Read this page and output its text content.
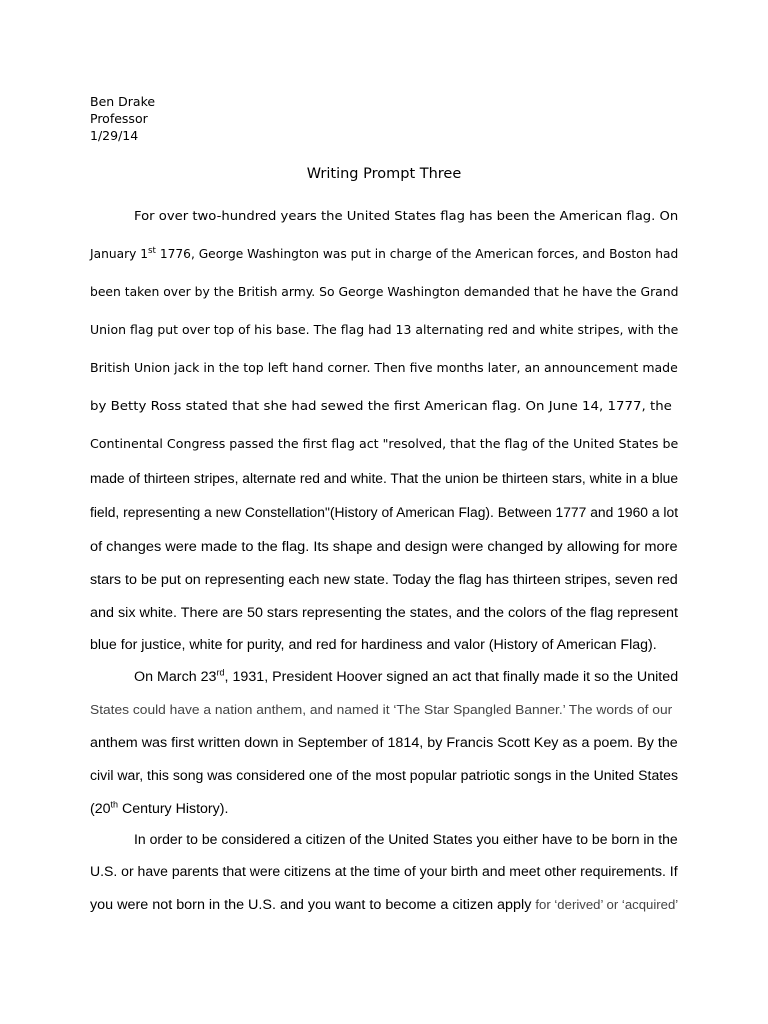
Ben Drake
Professor
1/29/14
Writing Prompt Three
For over two-hundred years the United States flag has been the American flag. On
January 1st 1776, George Washington was put in charge of the American forces, and Boston had
been taken over by the British army. So George Washington demanded that he have the Grand
Union flag put over top of his base. The flag had 13 alternating red and white stripes, with the
British Union jack in the top left hand corner. Then five months later, an announcement made
by Betty Ross stated that she had sewed the first American flag. On June 14, 1777, the
Continental Congress passed the first flag act "resolved, that the flag of the United States be
made of thirteen stripes, alternate red and white. That the union be thirteen stars, white in a blue
field, representing a new Constellation"(History of American Flag). Between 1777 and 1960 a lot
of changes were made to the flag. Its shape and design were changed by allowing for more
stars to be put on representing each new state. Today the flag has thirteen stripes, seven red
and six white. There are 50 stars representing the states, and the colors of the flag represent
blue for justice, white for purity, and red for hardiness and valor (History of American Flag).
On March 23rd, 1931, President Hoover signed an act that finally made it so the United
States could have a nation anthem, and named it ‘The Star Spangled Banner.’ The words of our
anthem was first written down in September of 1814, by Francis Scott Key as a poem. By the
civil war, this song was considered one of the most popular patriotic songs in the United States
(20th Century History).
In order to be considered a citizen of the United States you either have to be born in the
U.S. or have parents that were citizens at the time of your birth and meet other requirements. If
you were not born in the U.S. and you want to become a citizen apply for ‘derived’ or ‘acquired’
